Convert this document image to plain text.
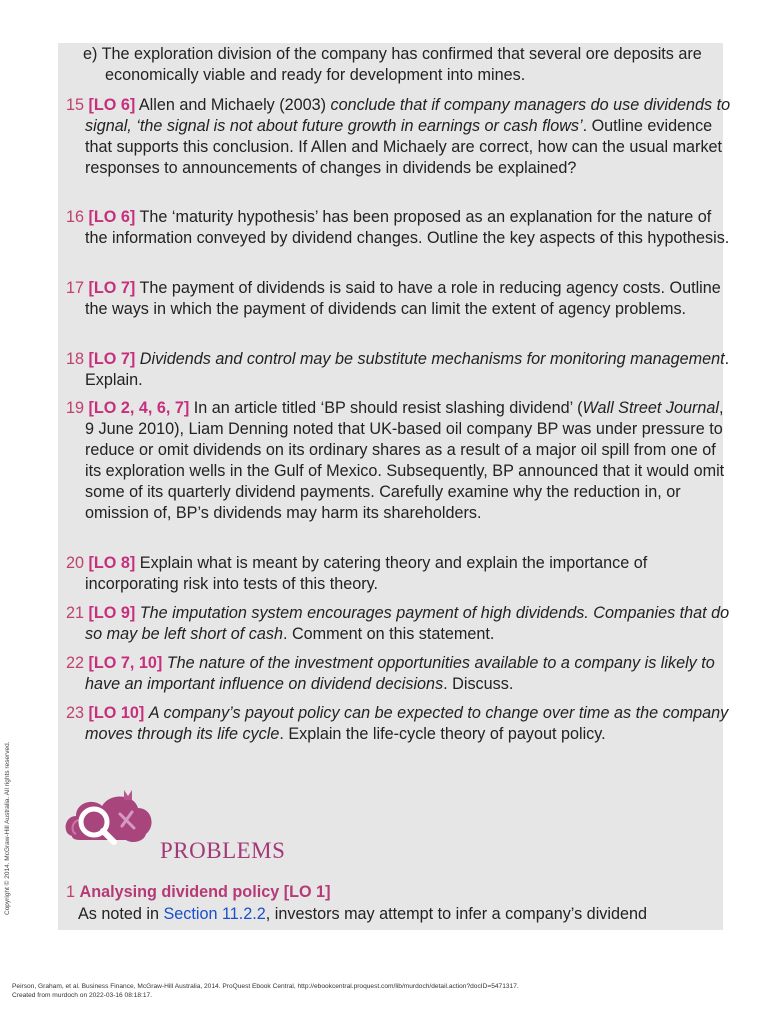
e) The exploration division of the company has confirmed that several ore deposits are economically viable and ready for development into mines.

15 [LO 6] Allen and Michaely (2003) conclude that if company managers do use dividends to signal, ‘the signal is not about future growth in earnings or cash flows’. Outline evidence that supports this conclusion. If Allen and Michaely are correct, how can the usual market responses to announcements of changes in dividends be explained?

16 [LO 6] The ‘maturity hypothesis’ has been proposed as an explanation for the nature of the information conveyed by dividend changes. Outline the key aspects of this hypothesis.

17 [LO 7] The payment of dividends is said to have a role in reducing agency costs. Outline the ways in which the payment of dividends can limit the extent of agency problems.

18 [LO 7] Dividends and control may be substitute mechanisms for monitoring management. Explain.

19 [LO 2, 4, 6, 7] In an article titled ‘BP should resist slashing dividend’ (Wall Street Journal, 9 June 2010), Liam Denning noted that UK-based oil company BP was under pressure to reduce or omit dividends on its ordinary shares as a result of a major oil spill from one of its exploration wells in the Gulf of Mexico. Subsequently, BP announced that it would omit some of its quarterly dividend payments. Carefully examine why the reduction in, or omission of, BP’s dividends may harm its shareholders.

20 [LO 8] Explain what is meant by catering theory and explain the importance of incorporating risk into tests of this theory.

21 [LO 9] The imputation system encourages payment of high dividends. Companies that do so may be left short of cash. Comment on this statement.

22 [LO 7, 10] The nature of the investment opportunities available to a company is likely to have an important influence on dividend decisions. Discuss.

23 [LO 10] A company’s payout policy can be expected to change over time as the company moves through its life cycle. Explain the life-cycle theory of payout policy.

PROBLEMS
1 Analysing dividend policy [LO 1]
As noted in Section 11.2.2, investors may attempt to infer a company’s dividend
Copyright © 2014. McGraw-Hill Australia. All rights reserved.
Peirson, Graham, et al. Business Finance, McGraw-Hill Australia, 2014. ProQuest Ebook Central, http://ebookcentral.proquest.com/lib/murdoch/detail.action?docID=5471317.
Created from murdoch on 2022-03-16 08:18:17.
